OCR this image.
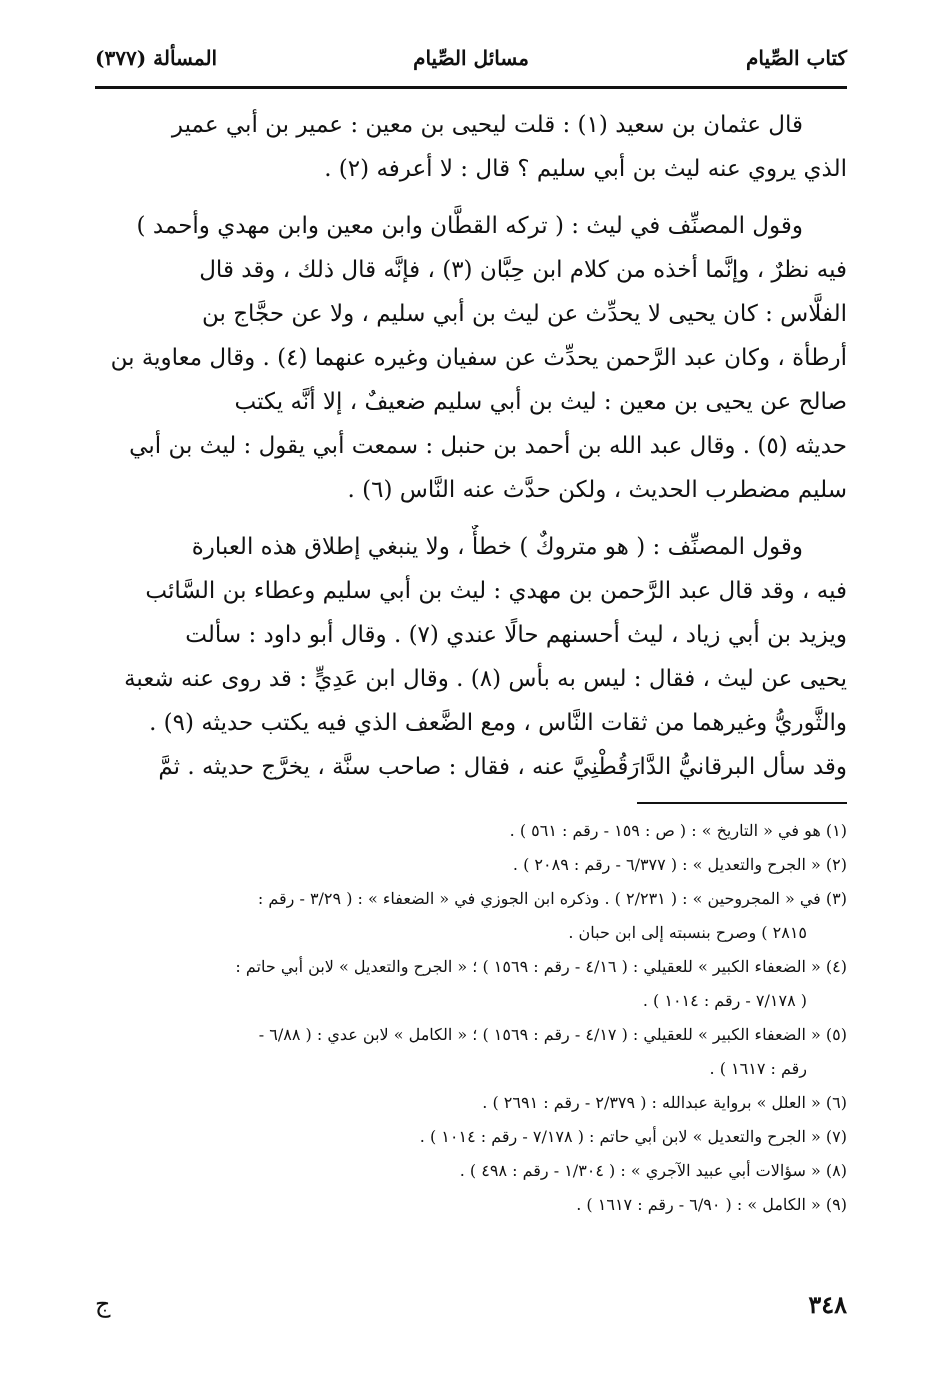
كتاب الصِّيام
مسائل الصِّيام
المسألة (٣٧٧)
قال عثمان بن سعيد (١) : قلت ليحيى بن معين : عمير بن أبي عمير
الذي يروي عنه ليث بن أبي سليم ؟ قال : لا أعرفه (٢) .
وقول المصنِّف في ليث : ( تركه القطَّان وابن معين وابن مهدي وأحمد )
فيه نظرٌ ، وإنَّما أخذه من كلام ابن حِبَّان (٣) ، فإنَّه قال ذلك ، وقد قال
الفلَّاس : كان يحيى لا يحدِّث عن ليث بن أبي سليم ، ولا عن حجَّاج بن
أرطأة ، وكان عبد الرَّحمن يحدِّث عن سفيان وغيره عنهما (٤) . وقال معاوية بن
صالح عن يحيى بن معين : ليث بن أبي سليم ضعيفٌ ، إلا أنَّه يكتب
حديثه (٥) . وقال عبد الله بن أحمد بن حنبل : سمعت أبي يقول : ليث بن أبي
سليم مضطرب الحديث ، ولكن حدَّث عنه النَّاس (٦) .
وقول المصنِّف : ( هو متروكٌ ) خطأٌ ، ولا ينبغي إطلاق هذه العبارة
فيه ، وقد قال عبد الرَّحمن بن مهدي : ليث بن أبي سليم وعطاء بن السَّائب
ويزيد بن أبي زياد ، ليث أحسنهم حالًا عندي (٧) . وقال أبو داود : سألت
يحيى عن ليث ، فقال : ليس به بأس (٨) . وقال ابن عَدِيٍّ : قد روى عنه شعبة
والثَّوريُّ وغيرهما من ثقات النَّاس ، ومع الضَّعف الذي فيه يكتب حديثه (٩) .
وقد سأل البرقانيُّ الدَّارَقُطْنِيَّ عنه ، فقال : صاحب سنَّة ، يخرَّج حديثه . ثمَّ
(١) هو في « التاريخ » : ( ص : ١٥٩ - رقم : ٥٦١ ) .
(٢) « الجرح والتعديل » : ( ٦/٣٧٧ - رقم : ٢٠٨٩ ) .
(٣) في « المجروحين » : ( ٢/٢٣١ ) . وذكره ابن الجوزي في « الضعفاء » : ( ٣/٢٩ - رقم :
٢٨١٥ ) وصرح بنسبته إلى ابن حبان .
(٤) « الضعفاء الكبير » للعقيلي : ( ٤/١٦ - رقم : ١٥٦٩ ) ؛ « الجرح والتعديل » لابن أبي حاتم :
( ٧/١٧٨ - رقم : ١٠١٤ ) .
(٥) « الضعفاء الكبير » للعقيلي : ( ٤/١٧ - رقم : ١٥٦٩ ) ؛ « الكامل » لابن عدي : ( ٦/٨٨ -
رقم : ١٦١٧ ) .
(٦) « العلل » برواية عبدالله : ( ٢/٣٧٩ - رقم : ٢٦٩١ ) .
(٧) « الجرح والتعديل » لابن أبي حاتم : ( ٧/١٧٨ - رقم : ١٠١٤ ) .
(٨) « سؤالات أبي عبيد الآجري » : ( ١/٣٠٤ - رقم : ٤٩٨ ) .
(٩) « الكامل » : ( ٦/٩٠ - رقم : ١٦١٧ ) .
٣٤٨
ج
